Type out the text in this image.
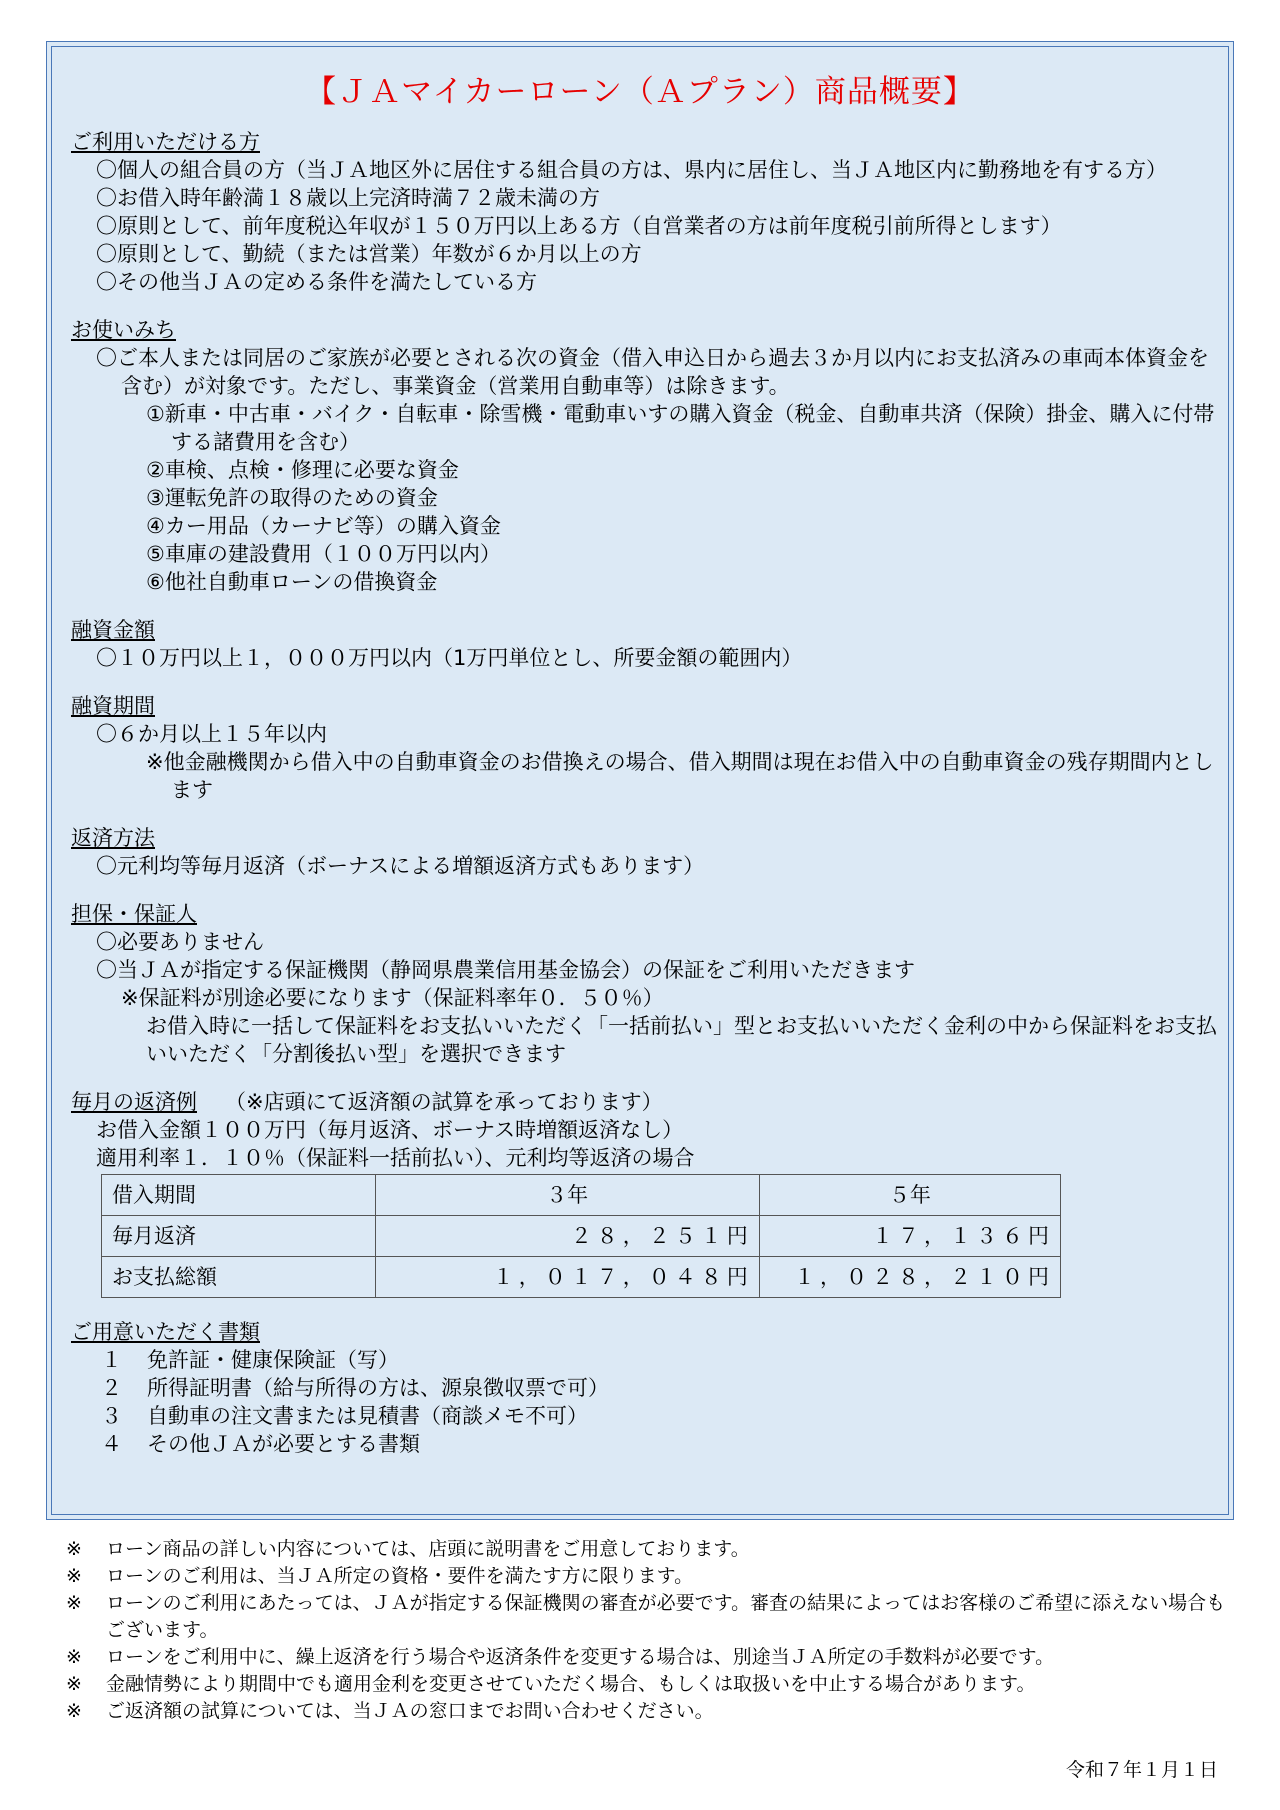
【ＪＡマイカーローン（Ａプラン）商品概要】
ご利用いただける方
〇個人の組合員の方（当ＪＡ地区外に居住する組合員の方は、県内に居住し、当ＪＡ地区内に勤務地を有する方）
〇お借入時年齢満１８歳以上完済時満７２歳未満の方
〇原則として、前年度税込年収が１５０万円以上ある方（自営業者の方は前年度税引前所得とします）
〇原則として、勤続（または営業）年数が６か月以上の方
〇その他当ＪＡの定める条件を満たしている方
お使いみち
〇ご本人または同居のご家族が必要とされる次の資金（借入申込日から過去３か月以内にお支払済みの車両本体資金を含む）が対象です。ただし、事業資金（営業用自動車等）は除きます。
①新車・中古車・バイク・自転車・除雪機・電動車いすの購入資金（税金、自動車共済（保険）掛金、購入に付帯する諸費用を含む）
②車検、点検・修理に必要な資金
③運転免許の取得のための資金
④カー用品（カーナビ等）の購入資金
⑤車庫の建設費用（１００万円以内）
⑥他社自動車ローンの借換資金
融資金額
〇１０万円以上１，０００万円以内（1万円単位とし、所要金額の範囲内）
融資期間
〇６か月以上１５年以内
※他金融機関から借入中の自動車資金のお借換えの場合、借入期間は現在お借入中の自動車資金の残存期間内とします
返済方法
〇元利均等毎月返済（ボーナスによる増額返済方式もあります）
担保・保証人
〇必要ありません
〇当ＪＡが指定する保証機関（静岡県農業信用基金協会）の保証をご利用いただきます
※保証料が別途必要になります（保証料率年０．５０％）
お借入時に一括して保証料をお支払いいただく「一括前払い」型とお支払いいただく金利の中から保証料をお支払いいただく「分割後払い型」を選択できます
毎月の返済例 （※店頭にて返済額の試算を承っております）
お借入金額１００万円（毎月返済、ボーナス時増額返済なし）
適用利率１．１０％（保証料一括前払い）、元利均等返済の場合
借入期間	３年	５年
毎月返済	２８，２５１円	１７，１３６円
お支払総額	１，０１７，０４８円	１，０２８，２１０円
ご用意いただく書類
１ 免許証・健康保険証（写）
２ 所得証明書（給与所得の方は、源泉徴収票で可）
３ 自動車の注文書または見積書（商談メモ不可）
４ その他ＪＡが必要とする書類
※ ローン商品の詳しい内容については、店頭に説明書をご用意しております。
※ ローンのご利用は、当ＪＡ所定の資格・要件を満たす方に限ります。
※ ローンのご利用にあたっては、ＪＡが指定する保証機関の審査が必要です。審査の結果によってはお客様のご希望に添えない場合もございます。
※ ローンをご利用中に、繰上返済を行う場合や返済条件を変更する場合は、別途当ＪＡ所定の手数料が必要です。
※ 金融情勢により期間中でも適用金利を変更させていただく場合、もしくは取扱いを中止する場合があります。
※ ご返済額の試算については、当ＪＡの窓口までお問い合わせください。
令和７年１月１日
